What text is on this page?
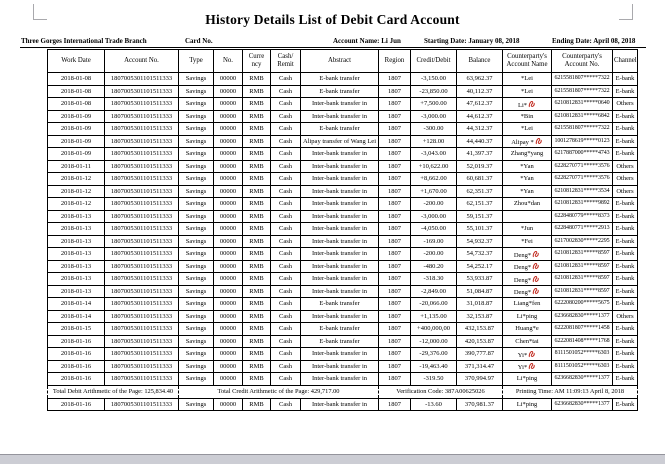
History Details List of Debit Card Account
Three Gorges International Trade Branch	Card No.	Account Name: Li Jun	Starting Date: January 08, 2018	Ending Date: April 08, 2018
Work Date	Account No.	Type	No.	Curre ncy	Cash/ Remit	Abstract	Region	Credit/Debit	Balance	Counterparty's Account Name	Counterparty's Account No.	Channel
2018-01-08	1807005301101511333	Savings	00000	RMB	Cash	E-bank transfer	1807	-3,150.00	63,962.37	*Lei	6215581807*****7322	E-bank
2018-01-08	1807005301101511333	Savings	00000	RMB	Cash	E-bank transfer	1807	-23,850.00	40,112.37	*Lei	6215581807*****7322	E-bank
2018-01-08	1807005301101511333	Savings	00000	RMB	Cash	Inter-bank transfer in	1807	+7,500.00	47,612.37	Li*	6210812831*****0640	Others
2018-01-09	1807005301101511333	Savings	00000	RMB	Cash	Inter-bank transfer in	1807	-3,000.00	44,612.37	*Bin	6210812831*****6842	E-bank
2018-01-09	1807005301101511333	Savings	00000	RMB	Cash	E-bank transfer	1807	-300.00	44,312.37	*Lei	6215581807*****7322	E-bank
2018-01-09	1807005301101511333	Savings	00000	RMB	Cash	Alipay transfer of Wang Lei	1807	+128.00	44,440.37	Alipay *	1001278619*****0123	E-bank
2018-01-09	1807005301101511333	Savings	00000	RMB	Cash	Inter-bank transfer in	1807	-3,043.00	41,397.37	Zhang*yang	6217887000*****4743	E-bank
2018-01-11	1807005301101511333	Savings	00000	RMB	Cash	Inter-bank transfer in	1807	+10,622.00	52,019.37	*Yan	6228270771*****3576	Others
2018-01-12	1807005301101511333	Savings	00000	RMB	Cash	Inter-bank transfer in	1807	+8,662.00	60,681.37	*Yan	6228270771*****3576	Others
2018-01-12	1807005301101511333	Savings	00000	RMB	Cash	Inter-bank transfer in	1807	+1,670.00	62,351.37	*Yan	6210812831*****3534	Others
2018-01-12	1807005301101511333	Savings	00000	RMB	Cash	Inter-bank transfer in	1807	-200.00	62,151.37	Zhou*dan	6210812831*****9892	E-bank
2018-01-13	1807005301101511333	Savings	00000	RMB	Cash	Inter-bank transfer in	1807	-3,000.00	59,151.37		6228480779*****8373	E-bank
2018-01-13	1807005301101511333	Savings	00000	RMB	Cash	Inter-bank transfer in	1807	-4,050.00	55,101.37	*Jun	6228480771*****2913	E-bank
2018-01-13	1807005301101511333	Savings	00000	RMB	Cash	Inter-bank transfer in	1807	-169.00	54,932.37	*Fei	6217002830*****2295	E-bank
2018-01-13	1807005301101511333	Savings	00000	RMB	Cash	Inter-bank transfer in	1807	-200.00	54,732.37	Deng*	6210812831*****8597	E-bank
2018-01-13	1807005301101511333	Savings	00000	RMB	Cash	Inter-bank transfer in	1807	-480.20	54,252.17	Deng*	6210812831*****8597	E-bank
2018-01-13	1807005301101511333	Savings	00000	RMB	Cash	Inter-bank transfer in	1807	-318.30	53,933.87	Deng*	6210812831*****8597	E-bank
2018-01-13	1807005301101511333	Savings	00000	RMB	Cash	Inter-bank transfer in	1807	-2,849.00	51,084.87	Deng*	6210812831*****8597	E-bank
2018-01-14	1807005301101511333	Savings	00000	RMB	Cash	E-bank transfer	1807	-20,066.00	31,018.87	Liang*fen	6222080200*****5675	E-bank
2018-01-14	1807005301101511333	Savings	00000	RMB	Cash	Inter-bank transfer in	1807	+1,135.00	32,153.87	Li*ping	6236682830*****1377	Others
2018-01-15	1807005301101511333	Savings	00000	RMB	Cash	E-bank transfer	1807	+400,000,00	432,153.87	Huang*e	6222081807*****1458	E-bank
2018-01-16	1807005301101511333	Savings	00000	RMB	Cash	E-bank transfer	1807	-12,000.00	420,153.87	Chen*tai	6222081408*****1768	E-bank
2018-01-16	1807005301101511333	Savings	00000	RMB	Cash	Inter-bank transfer in	1807	-29,376.00	390,777.87	Yi*	8111501052*****6303	E-bank
2018-01-16	1807005301101511333	Savings	00000	RMB	Cash	Inter-bank transfer in	1807	-19,463.40	371,314.47	Yi*	8111501052*****6303	E-bank
2018-01-16	1807005301101511333	Savings	00000	RMB	Cash	Inter-bank transfer in	1807	-319.50	370,994.97	Li*ping	6236682830*****1377	E-bank
Total Debit Arithmetic of the Page: 125,834.40		Total Credit Arithmetic of the Page: 429,717.00					Verification Code: 387A00625026			Printing Time: AM 11:09:13 April 8, 2018		
2018-01-16	1807005301101511333	Savings	00000	RMB	Cash	Inter-bank transfer in	1807	-13.60	370,981.37	Li*ping	6236682830*****1377	E-bank
